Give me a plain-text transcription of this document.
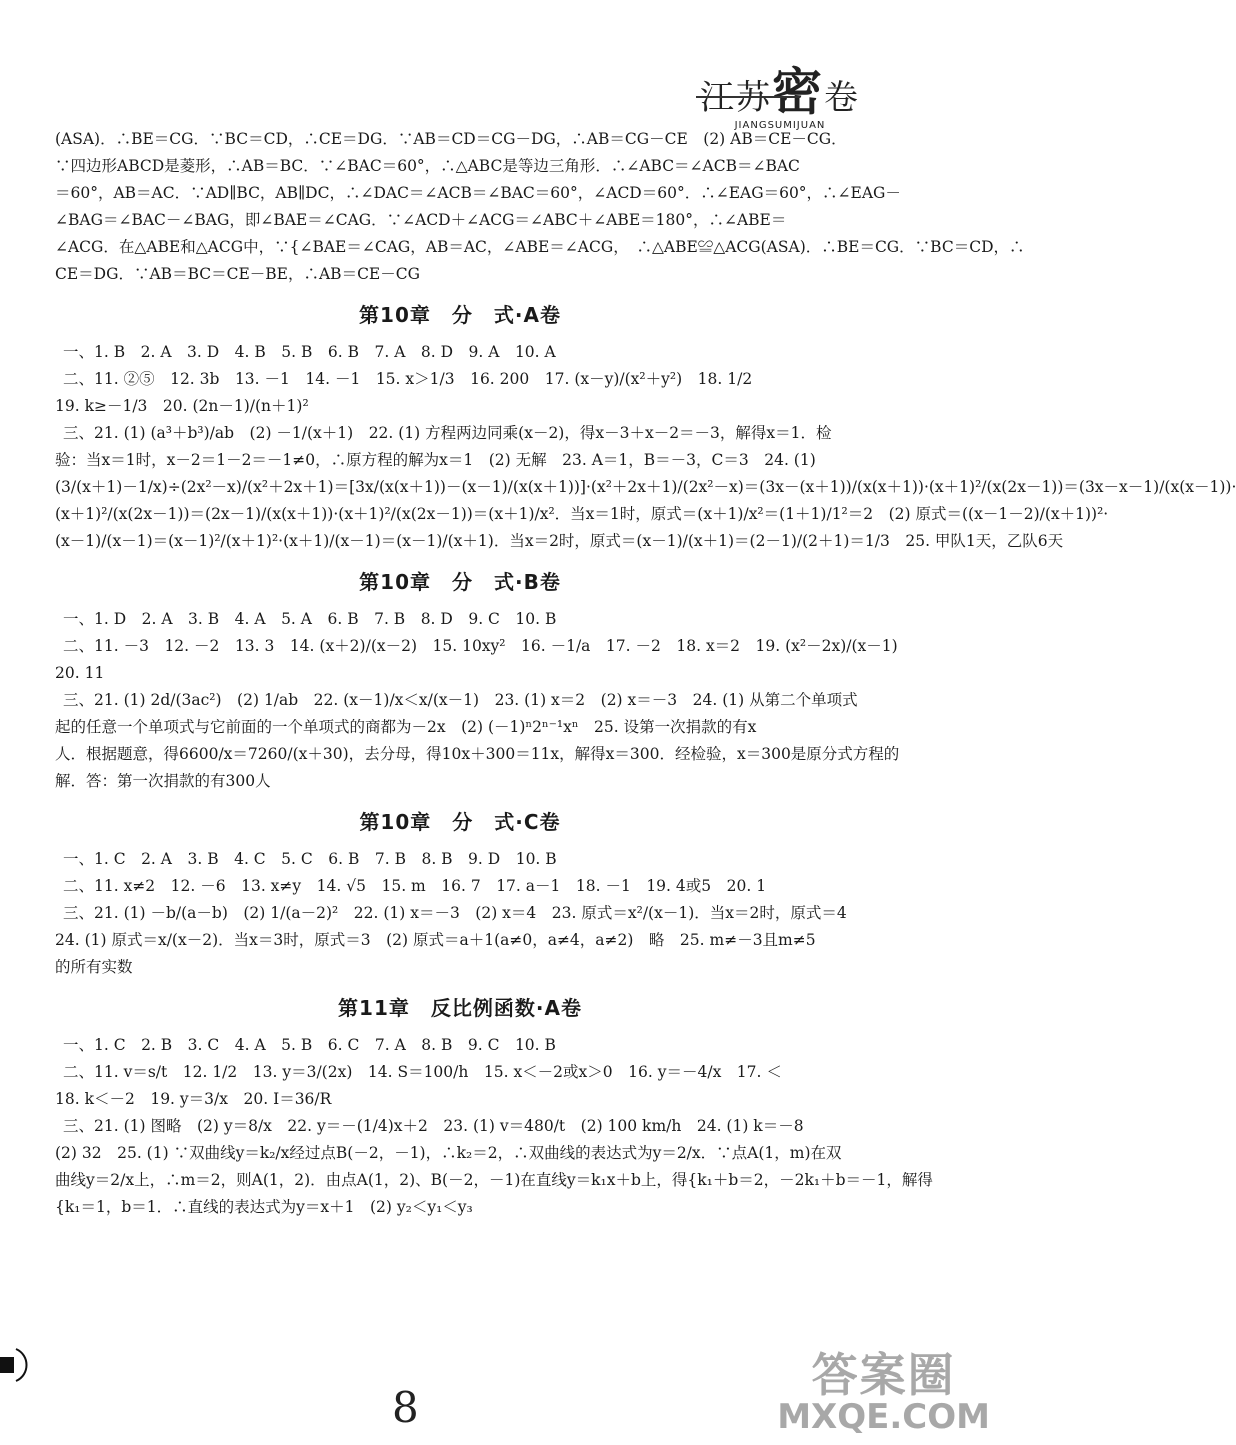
江苏密卷
JIANGSUMIJUAN

(ASA)．∴BE＝CG．∵BC＝CD，∴CE＝DG．∵AB＝CD＝CG－DG，∴AB＝CG－CE　(2) AB＝CE－CG．

∵四边形ABCD是菱形，∴AB＝BC．∵∠BAC＝60°，∴△ABC是等边三角形．∴∠ABC＝∠ACB＝∠BAC

＝60°，AB＝AC．∵AD∥BC，AB∥DC，∴∠DAC＝∠ACB＝∠BAC＝60°，∠ACD＝60°．∴∠EAG＝60°，∴∠EAG－

∠BAG＝∠BAC－∠BAG，即∠BAE＝∠CAG．∵∠ACD＋∠ACG＝∠ABC＋∠ABE＝180°，∴∠ABE＝

∠ACG．在△ABE和△ACG中，∵{∠BAE＝∠CAG，AB＝AC，∠ABE＝∠ACG，　∴△ABE≌△ACG(ASA)．∴BE＝CG．∵BC＝CD，∴

CE＝DG．∵AB＝BC＝CE－BE，∴AB＝CE－CG

第10章　分　式·A卷

一、1. B　2. A　3. D　4. B　5. B　6. B　7. A　8. D　9. A　10. A

二、11. ②⑤　12. 3b　13. －1　14. －1　15. x＞1/3　16. 200　17. (x－y)/(x²＋y²)　18. 1/2

19. k≥－1/3　20. (2n－1)/(n＋1)²

三、21. (1) (a³＋b³)/ab　(2) －1/(x＋1)　22. (1) 方程两边同乘(x－2)，得x－3＋x－2＝－3，解得x＝1．检

验：当x＝1时，x－2＝1－2＝－1≠0，∴原方程的解为x＝1　(2) 无解　23. A＝1，B＝－3，C＝3　24. (1)

(3/(x＋1)－1/x)÷(2x²－x)/(x²＋2x＋1)＝[3x/(x(x＋1))－(x－1)/(x(x＋1))]·(x²＋2x＋1)/(2x²－x)＝(3x－(x＋1))/(x(x＋1))·(x＋1)²/(x(2x－1))＝(3x－x－1)/(x(x－1))·

(x＋1)²/(x(2x－1))＝(2x－1)/(x(x＋1))·(x＋1)²/(x(2x－1))＝(x＋1)/x²．当x＝1时，原式＝(x＋1)/x²＝(1＋1)/1²＝2　(2) 原式＝((x－1－2)/(x＋1))²·

(x－1)/(x－1)＝(x－1)²/(x＋1)²·(x＋1)/(x－1)＝(x－1)/(x＋1)．当x＝2时，原式＝(x－1)/(x＋1)＝(2－1)/(2＋1)＝1/3　25. 甲队1天，乙队6天

第10章　分　式·B卷

一、1. D　2. A　3. B　4. A　5. A　6. B　7. B　8. D　9. C　10. B

二、11. －3　12. －2　13. 3　14. (x＋2)/(x－2)　15. 10xy²　16. －1/a　17. －2　18. x＝2　19. (x²－2x)/(x－1)

20. 11

三、21. (1) 2d/(3ac²)　(2) 1/ab　22. (x－1)/x＜x/(x－1)　23. (1) x＝2　(2) x＝－3　24. (1) 从第二个单项式

起的任意一个单项式与它前面的一个单项式的商都为－2x　(2) (－1)ⁿ2ⁿ⁻¹xⁿ　25. 设第一次捐款的有x

人．根据题意，得6600/x＝7260/(x＋30)，去分母，得10x＋300＝11x，解得x＝300．经检验，x＝300是原分式方程的

解．答：第一次捐款的有300人

第10章　分　式·C卷

一、1. C　2. A　3. B　4. C　5. C　6. B　7. B　8. B　9. D　10. B

二、11. x≠2　12. －6　13. x≠y　14. √5　15. m　16. 7　17. a－1　18. －1　19. 4或5　20. 1

三、21. (1) －b/(a－b)　(2) 1/(a－2)²　22. (1) x＝－3　(2) x＝4　23. 原式＝x²/(x－1)．当x＝2时，原式＝4

24. (1) 原式＝x/(x－2)．当x＝3时，原式＝3　(2) 原式＝a＋1(a≠0，a≠4，a≠2)　略　25. m≠－3且m≠5

的所有实数

第11章　反比例函数·A卷

一、1. C　2. B　3. C　4. A　5. B　6. C　7. A　8. B　9. C　10. B

二、11. v＝s/t　12. 1/2　13. y＝3/(2x)　14. S＝100/h　15. x＜－2或x＞0　16. y＝－4/x　17. ＜

18. k＜－2　19. y＝3/x　20. I＝36/R

三、21. (1) 图略　(2) y＝8/x　22. y＝－(1/4)x＋2　23. (1) v＝480/t　(2) 100 km/h　24. (1) k＝－8

(2) 32　25. (1) ∵双曲线y＝k₂/x经过点B(－2，－1)，∴k₂＝2，∴双曲线的表达式为y＝2/x．∵点A(1，m)在双

曲线y＝2/x上，∴m＝2，则A(1，2)．由点A(1，2)、B(－2，－1)在直线y＝k₁x＋b上，得{k₁＋b＝2，－2k₁＋b＝－1，解得

{k₁＝1，b＝1．∴直线的表达式为y＝x＋1　(2) y₂＜y₁＜y₃

8
答案圈
MXQE.COM
